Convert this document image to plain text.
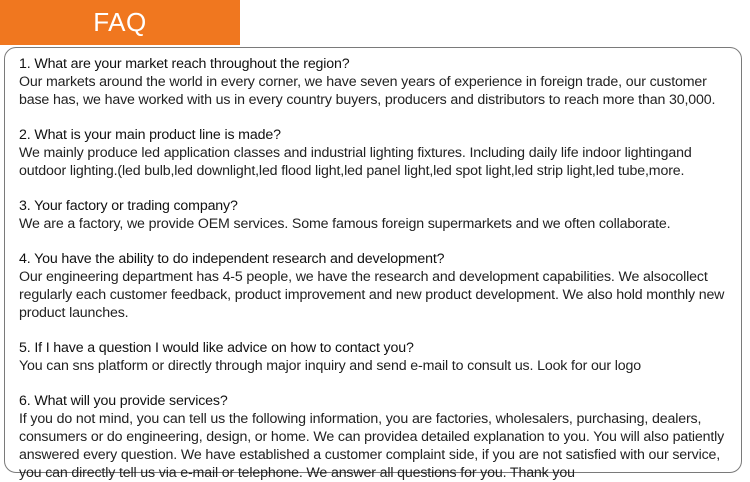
FAQ

1. What are your market reach throughout the region?

Our markets around the world in every corner, we have seven years of experience in foreign trade, our customer base has, we have worked with us in every country buyers, producers and distributors to reach more than 30,000.

2. What is your main product line is made?

We mainly produce led application classes and industrial lighting fixtures. Including daily life indoor lightingand outdoor lighting.(led bulb,led downlight,led flood light,led panel light,led spot light,led strip light,led tube,more.

3. Your factory or trading company?

We are a factory, we provide OEM services. Some famous foreign supermarkets and we often collaborate.

4. You have the ability to do independent research and development?

Our engineering department has 4-5 people, we have the research and development capabilities. We alsocollect regularly each customer feedback, product improvement and new product development. We also hold monthly new product launches.

5. If I have a question I would like advice on how to contact you?

You can sns platform or directly through major inquiry and send e-mail to consult us. Look for our logo

6. What will you provide services?

If you do not mind, you can tell us the following information, you are factories, wholesalers, purchasing, dealers, consumers or do engineering, design, or home. We can providea detailed explanation to you. You will also patiently answered every question. We have established a customer complaint side, if you are not satisfied with our service, you can directly tell us via e-mail or telephone. We answer all questions for you. Thank you
